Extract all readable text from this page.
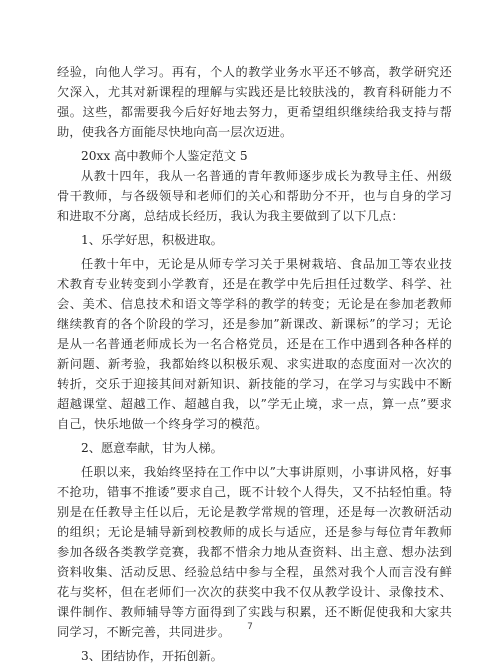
经验，向他人学习。再有，个人的教学业务水平还不够高，教学研究还欠深入，尤其对新课程的理解与实践还是比较肤浅的，教育科研能力不强。这些，都需要我今后好好地去努力，更希望组织继续给我支持与帮助，使我各方面能尽快地向高一层次迈进。

20xx 高中教师个人鉴定范文 5

从教十四年，我从一名普通的青年教师逐步成长为教导主任、州级骨干教师，与各级领导和老师们的关心和帮助分不开，也与自身的学习和进取不分离，总结成长经历，我认为我主要做到了以下几点：

1、乐学好思，积极进取。

任教十年中，无论是从师专学习关于果树栽培、食品加工等农业技术教育专业转变到小学教育，还是在教学中先后担任过数学、科学、社会、美术、信息技术和语文等学科的教学的转变；无论是在参加老教师继续教育的各个阶段的学习，还是参加”新课改、新课标”的学习；无论是从一名普通老师成长为一名合格党员，还是在工作中遇到各种各样的新问题、新考验，我都始终以积极乐观、求实进取的态度面对一次次的转折，交乐于迎接其间对新知识、新技能的学习，在学习与实践中不断超越课堂、超越工作、超越自我，以”学无止境，求一点，算一点”要求自己，快乐地做一个终身学习的模范。

2、愿意奉献，甘为人梯。

任职以来，我始终坚持在工作中以”大事讲原则，小事讲风格，好事不抢功，错事不推诿”要求自己，既不计较个人得失，又不拈轻怕重。特别是在任教导主任以后，无论是教学常规的管理，还是每一次教研活动的组织；无论是辅导新到校教师的成长与适应，还是参与每位青年教师参加各级各类教学竞赛，我都不惜余力地从查资料、出主意、想办法到资料收集、活动反思、经验总结中参与全程，虽然对我个人而言没有鲜花与奖杯，但在老师们一次次的获奖中我不仅从教学设计、录像技术、课件制作、教师辅导等方面得到了实践与积累，还不断促使我和大家共同学习，不断完善，共同进步。

3、团结协作，开拓创新。

7
